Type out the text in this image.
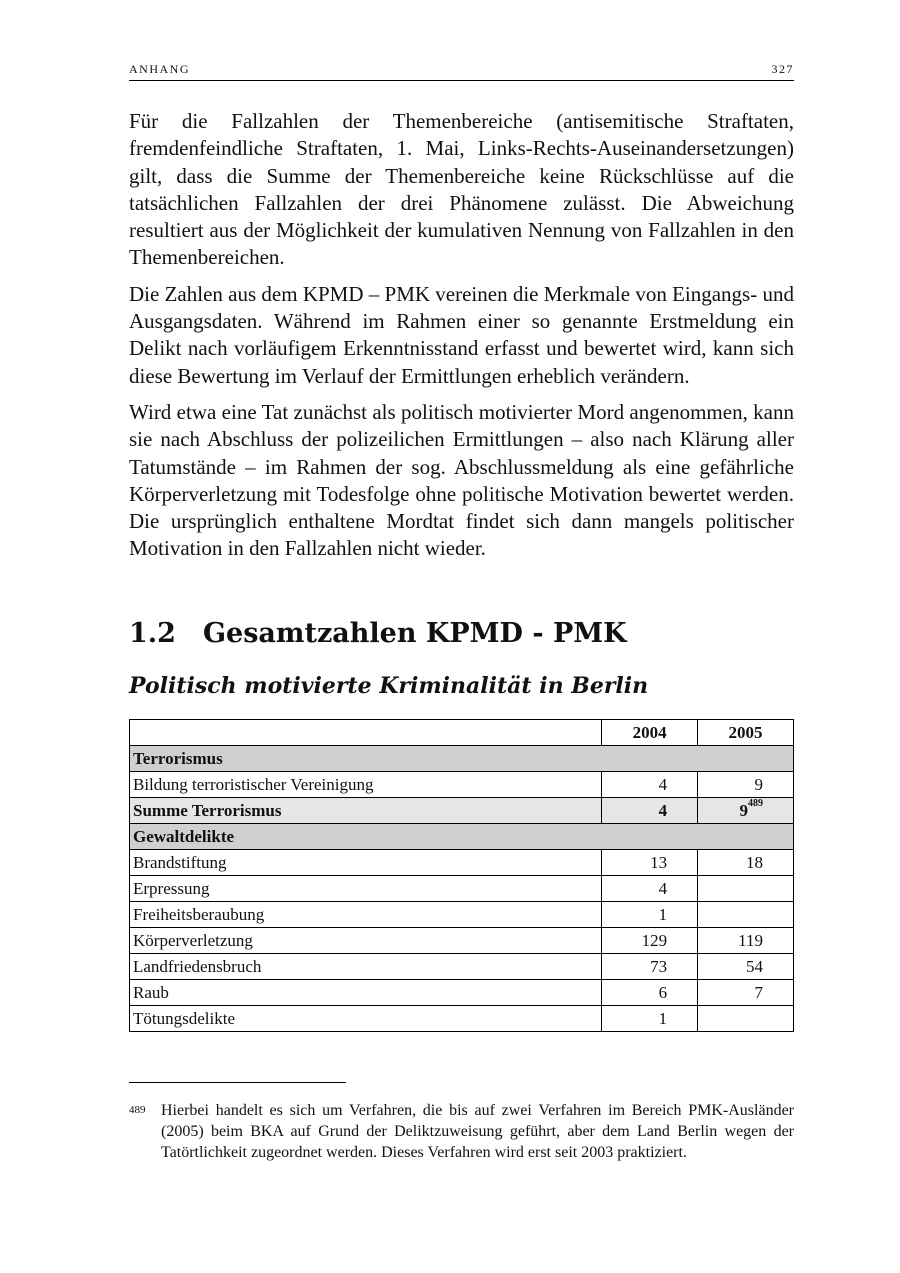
ANHANG	327

Für die Fallzahlen der Themenbereiche (antisemitische Straftaten, fremdenfeindliche Straftaten, 1. Mai, Links-Rechts-Auseinandersetzungen) gilt, dass die Summe der Themenbereiche keine Rückschlüsse auf die tatsächlichen Fallzahlen der drei Phänomene zulässt. Die Abweichung resultiert aus der Möglichkeit der kumulativen Nennung von Fallzahlen in den Themenbereichen.

Die Zahlen aus dem KPMD – PMK vereinen die Merkmale von Eingangs- und Ausgangsdaten. Während im Rahmen einer so genannte Erstmeldung ein Delikt nach vorläufigem Erkenntnisstand erfasst und bewertet wird, kann sich diese Bewertung im Verlauf der Ermittlungen erheblich verändern.

Wird etwa eine Tat zunächst als politisch motivierter Mord angenommen, kann sie nach Abschluss der polizeilichen Ermittlungen – also nach Klärung aller Tatumstände – im Rahmen der sog. Abschlussmeldung als eine gefährliche Körperverletzung mit Todesfolge ohne politische Motivation bewertet werden. Die ursprünglich enthaltene Mordtat findet sich dann mangels politischer Motivation in den Fallzahlen nicht wieder.

1.2 Gesamtzahlen KPMD - PMK
Politisch motivierte Kriminalität in Berlin
	2004	2005
Terrorismus		
Bildung terroristischer Vereinigung	4	9
Summe Terrorismus	4	$9^{489}$
Gewaltdelikte		
Brandstiftung	13	18
Erpressung	4	
Freiheitsberaubung	1	
Körperverletzung	129	119
Landfriedensbruch	73	54
Raub	6	7
Tötungsdelikte	1	
489 Hierbei handelt es sich um Verfahren, die bis auf zwei Verfahren im Bereich PMK-Ausländer (2005) beim BKA auf Grund der Deliktzuweisung geführt, aber dem Land Berlin wegen der Tatörtlichkeit zugeordnet werden. Dieses Verfahren wird erst seit 2003 praktiziert.
